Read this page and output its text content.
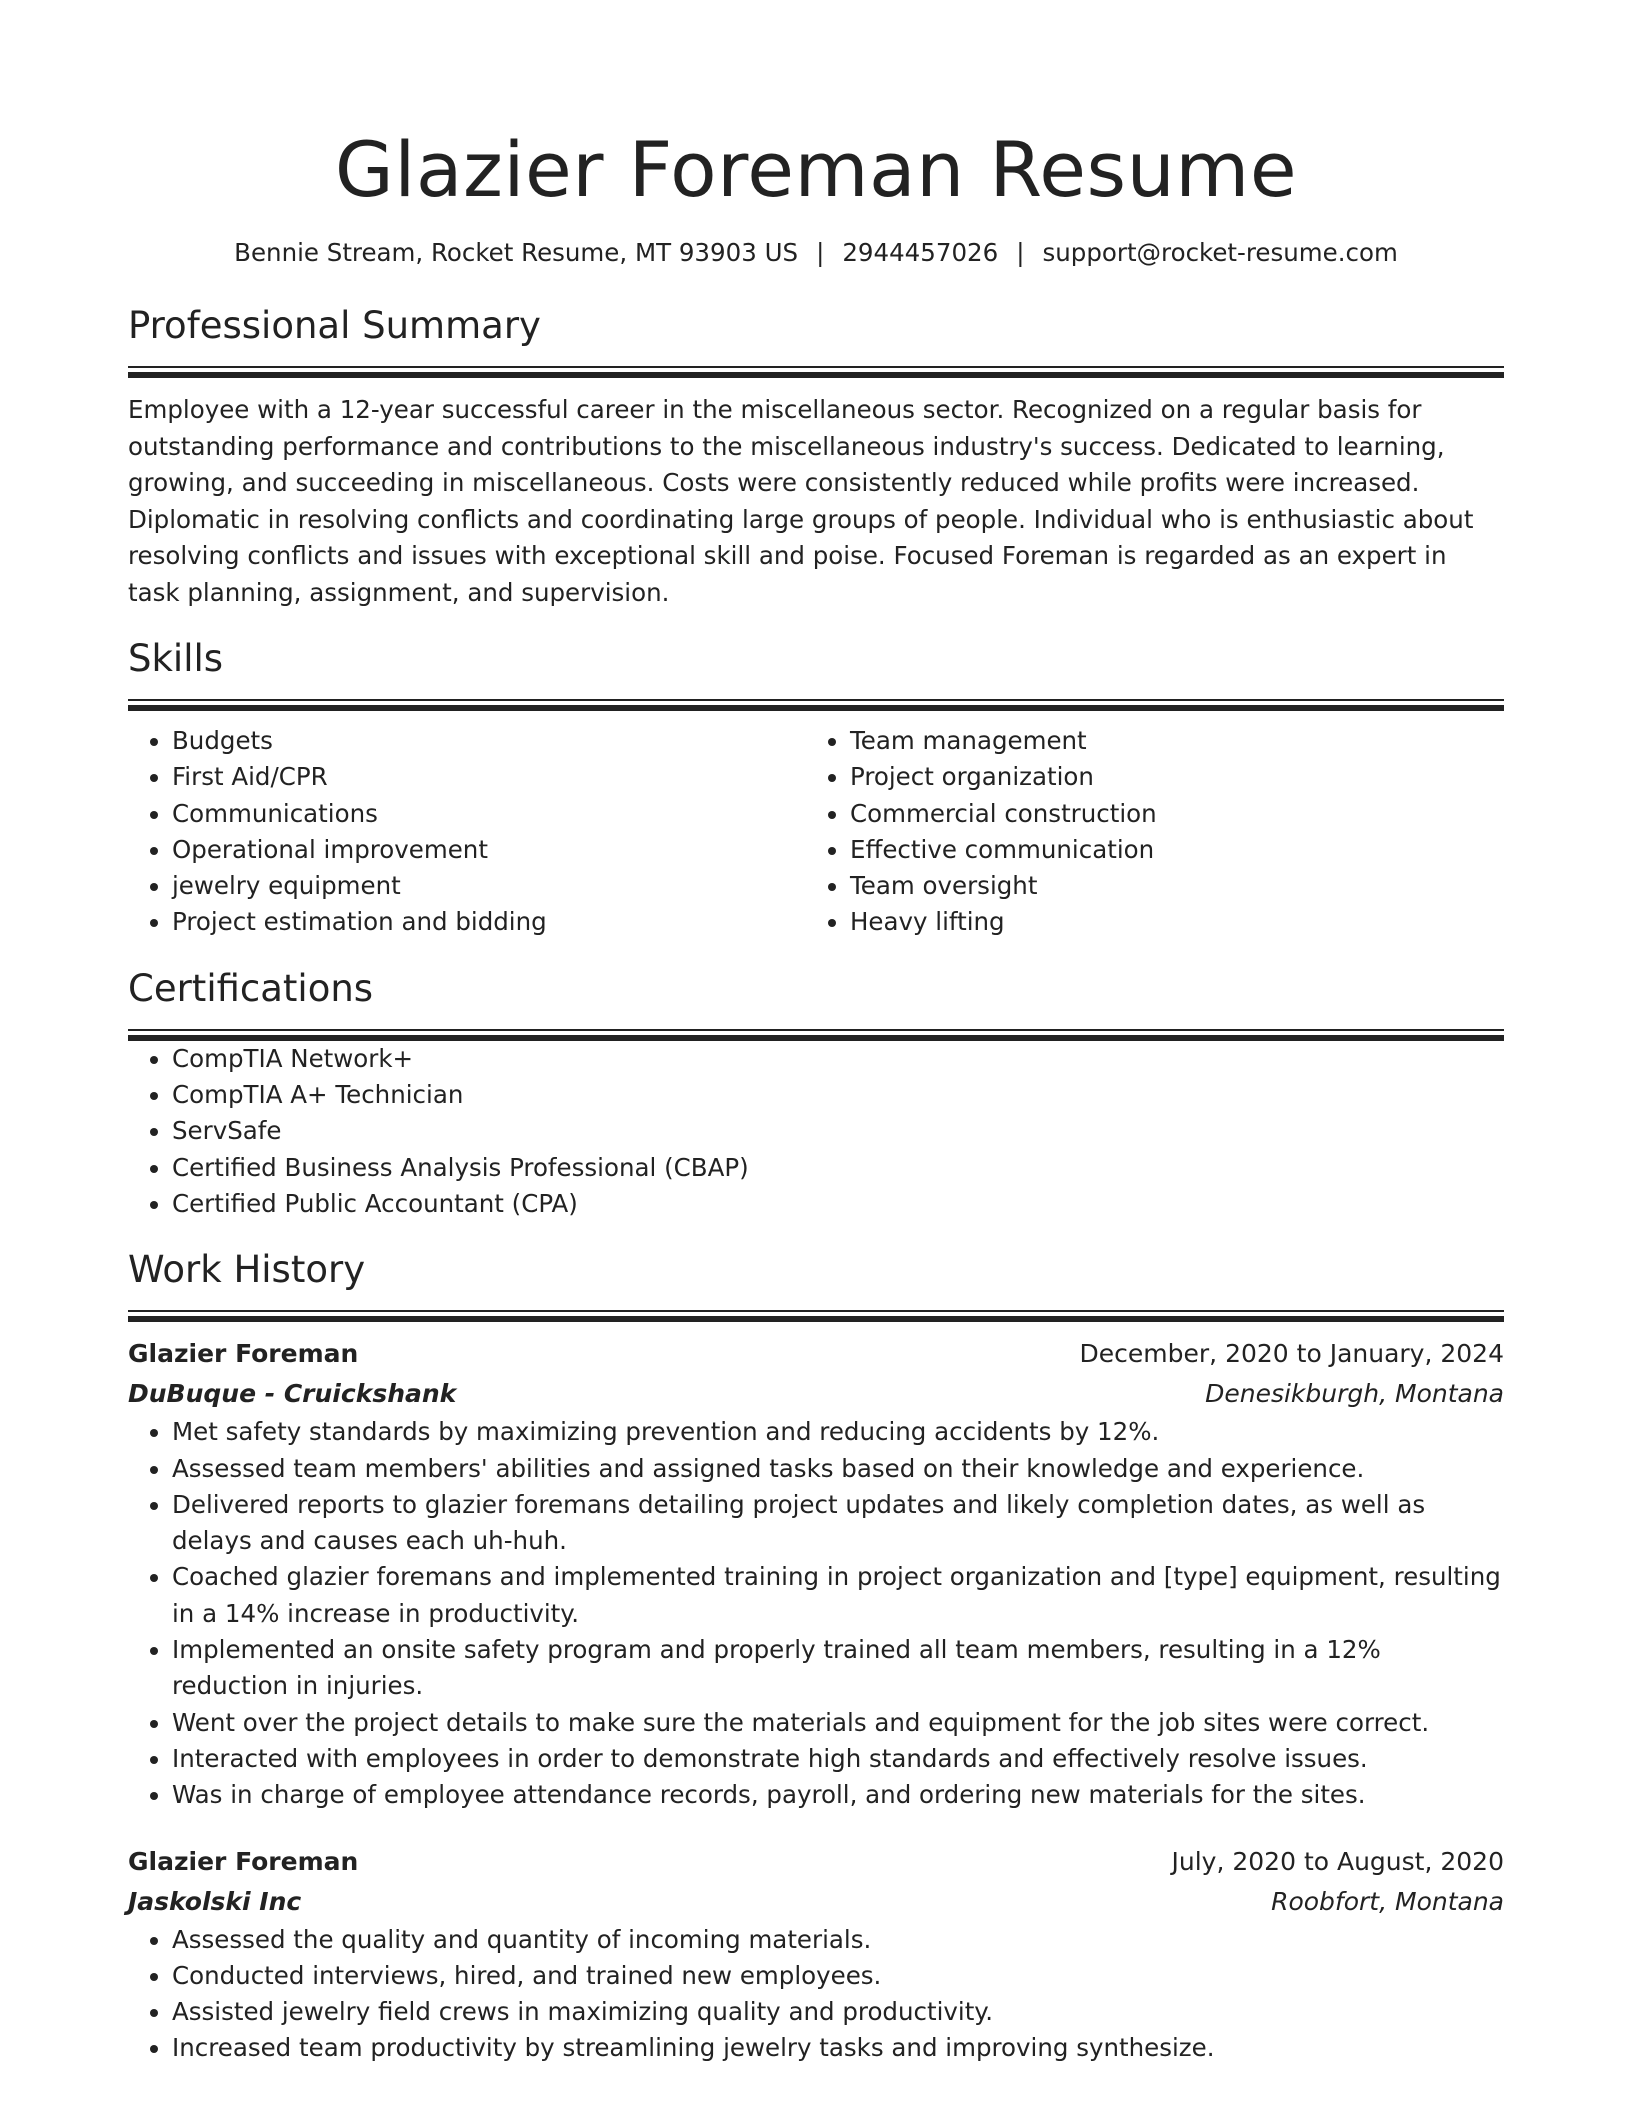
Glazier Foreman Resume
Bennie Stream, Rocket Resume, MT 93903 US | 2944457026 | support@rocket-resume.com
Professional Summary

Employee with a 12-year successful career in the miscellaneous sector. Recognized on a regular basis for outstanding performance and contributions to the miscellaneous industry's success. Dedicated to learning, growing, and succeeding in miscellaneous. Costs were consistently reduced while profits were increased. Diplomatic in resolving conflicts and coordinating large groups of people. Individual who is enthusiastic about resolving conflicts and issues with exceptional skill and poise. Focused Foreman is regarded as an expert in task planning, assignment, and supervision.

Skills
• Budgets
• First Aid/CPR
• Communications
• Operational improvement
• jewelry equipment
• Project estimation and bidding
• Team management
• Project organization
• Commercial construction
• Effective communication
• Team oversight
• Heavy lifting
Certifications
• CompTIA Network+
• CompTIA A+ Technician
• ServSafe
• Certified Business Analysis Professional (CBAP)
• Certified Public Accountant (CPA)
Work History
Glazier Foreman	December, 2020 to January, 2024
DuBuque - Cruickshank	Denesikburgh, Montana
• Met safety standards by maximizing prevention and reducing accidents by 12%.
• Assessed team members' abilities and assigned tasks based on their knowledge and experience.
• Delivered reports to glazier foremans detailing project updates and likely completion dates, as well as delays and causes each uh-huh.
• Coached glazier foremans and implemented training in project organization and [type] equipment, resulting in a 14% increase in productivity.
• Implemented an onsite safety program and properly trained all team members, resulting in a 12% reduction in injuries.
• Went over the project details to make sure the materials and equipment for the job sites were correct.
• Interacted with employees in order to demonstrate high standards and effectively resolve issues.
• Was in charge of employee attendance records, payroll, and ordering new materials for the sites.
Glazier Foreman	July, 2020 to August, 2020
Jaskolski Inc	Roobfort, Montana
• Assessed the quality and quantity of incoming materials.
• Conducted interviews, hired, and trained new employees.
• Assisted jewelry field crews in maximizing quality and productivity.
• Increased team productivity by streamlining jewelry tasks and improving synthesize.
